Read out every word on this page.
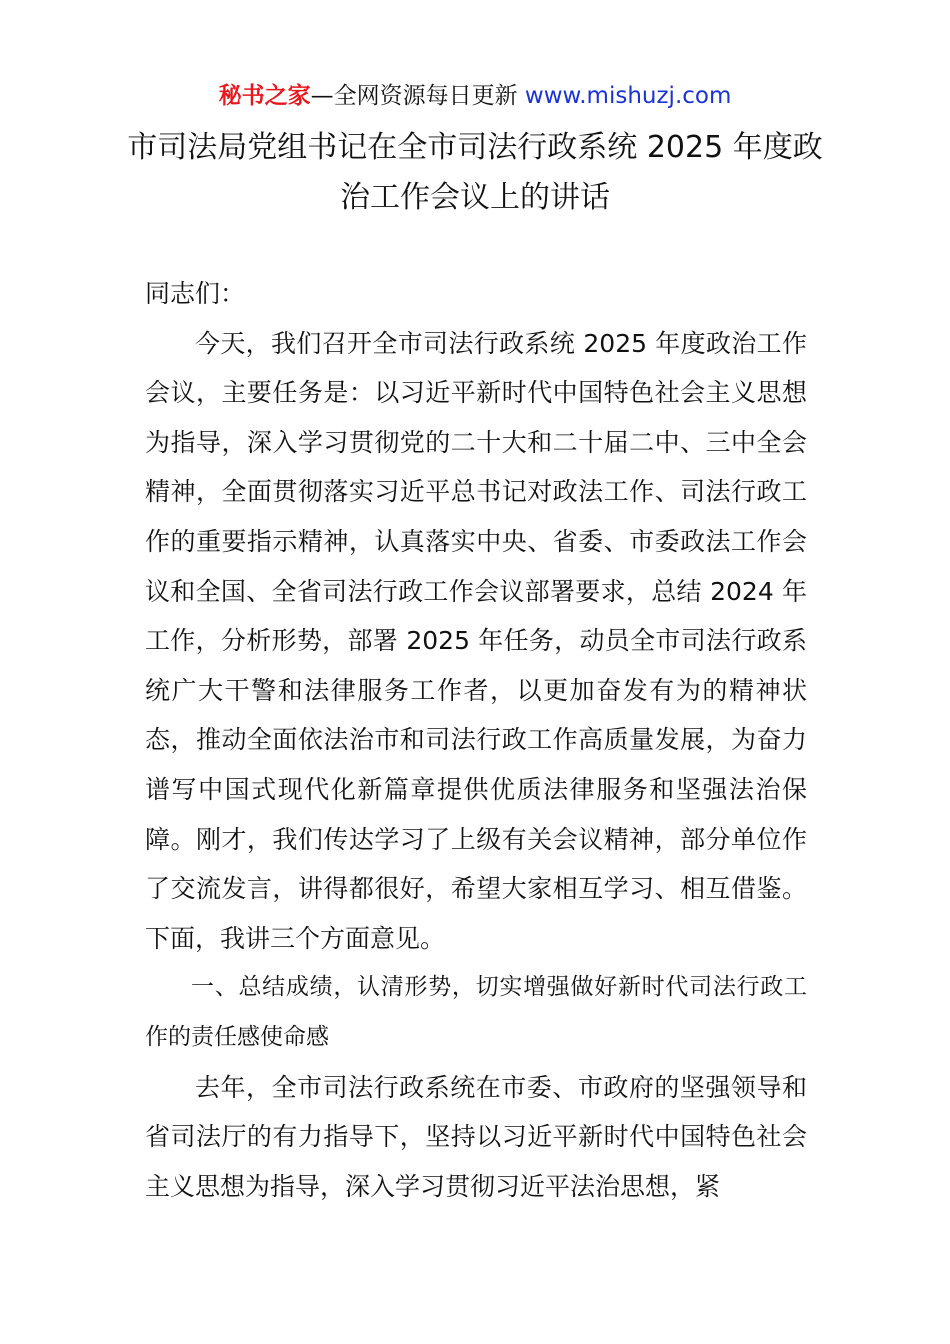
秘书之家—全网资源每日更新 www.mishuzj.com
市司法局党组书记在全市司法行政系统 2025 年度政治工作会议上的讲话

同志们：

今天，我们召开全市司法行政系统 2025 年度政治工作会议，主要任务是：以习近平新时代中国特色社会主义思想为指导，深入学习贯彻党的二十大和二十届二中、三中全会精神，全面贯彻落实习近平总书记对政法工作、司法行政工作的重要指示精神，认真落实中央、省委、市委政法工作会议和全国、全省司法行政工作会议部署要求，总结 2024 年工作，分析形势，部署 2025 年任务，动员全市司法行政系统广大干警和法律服务工作者，以更加奋发有为的精神状态，推动全面依法治市和司法行政工作高质量发展，为奋力谱写中国式现代化新篇章提供优质法律服务和坚强法治保障。刚才，我们传达学习了上级有关会议精神，部分单位作了交流发言，讲得都很好，希望大家相互学习、相互借鉴。下面，我讲三个方面意见。

一、总结成绩，认清形势，切实增强做好新时代司法行政工作的责任感使命感

去年，全市司法行政系统在市委、市政府的坚强领导和省司法厅的有力指导下，坚持以习近平新时代中国特色社会主义思想为指导，深入学习贯彻习近平法治思想，紧
